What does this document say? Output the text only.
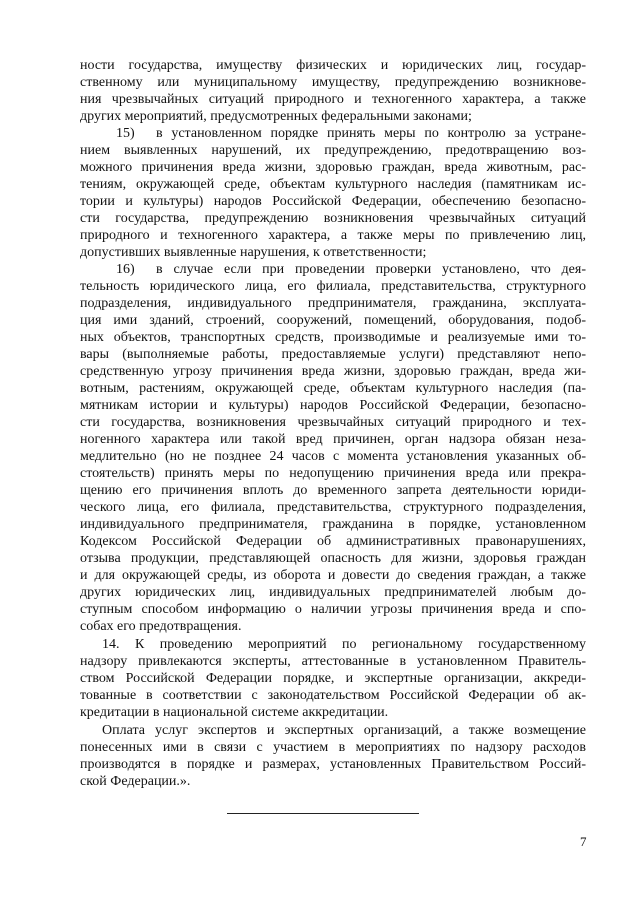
ности государства, имуществу физических и юридических лиц, государ-
ственному или муниципальному имуществу, предупреждению возникнове-
ния чрезвычайных ситуаций природного и техногенного характера, а также
других мероприятий, предусмотренных федеральными законами;
15) в установленном порядке принять меры по контролю за устране-
нием выявленных нарушений, их предупреждению, предотвращению воз-
можного причинения вреда жизни, здоровью граждан, вреда животным, рас-
тениям, окружающей среде, объектам культурного наследия (памятникам ис-
тории и культуры) народов Российской Федерации, обеспечению безопасно-
сти государства, предупреждению возникновения чрезвычайных ситуаций
природного и техногенного характера, а также меры по привлечению лиц,
допустивших выявленные нарушения, к ответственности;
16) в случае если при проведении проверки установлено, что дея-
тельность юридического лица, его филиала, представительства, структурного
подразделения, индивидуального предпринимателя, гражданина, эксплуата-
ция ими зданий, строений, сооружений, помещений, оборудования, подоб-
ных объектов, транспортных средств, производимые и реализуемые ими то-
вары (выполняемые работы, предоставляемые услуги) представляют непо-
средственную угрозу причинения вреда жизни, здоровью граждан, вреда жи-
вотным, растениям, окружающей среде, объектам культурного наследия (па-
мятникам истории и культуры) народов Российской Федерации, безопасно-
сти государства, возникновения чрезвычайных ситуаций природного и тех-
ногенного характера или такой вред причинен, орган надзора обязан неза-
медлительно (но не позднее 24 часов с момента установления указанных об-
стоятельств) принять меры по недопущению причинения вреда или прекра-
щению его причинения вплоть до временного запрета деятельности юриди-
ческого лица, его филиала, представительства, структурного подразделения,
индивидуального предпринимателя, гражданина в порядке, установленном
Кодексом Российской Федерации об административных правонарушениях,
отзыва продукции, представляющей опасность для жизни, здоровья граждан
и для окружающей среды, из оборота и довести до сведения граждан, а также
других юридических лиц, индивидуальных предпринимателей любым до-
ступным способом информацию о наличии угрозы причинения вреда и спо-
собах его предотвращения.
14. К проведению мероприятий по региональному государственному
надзору привлекаются эксперты, аттестованные в установленном Правитель-
ством Российской Федерации порядке, и экспертные организации, аккреди-
тованные в соответствии с законодательством Российской Федерации об ак-
кредитации в национальной системе аккредитации.
Оплата услуг экспертов и экспертных организаций, а также возмещение
понесенных ими в связи с участием в мероприятиях по надзору расходов
производятся в порядке и размерах, установленных Правительством Россий-
ской Федерации.».
7
